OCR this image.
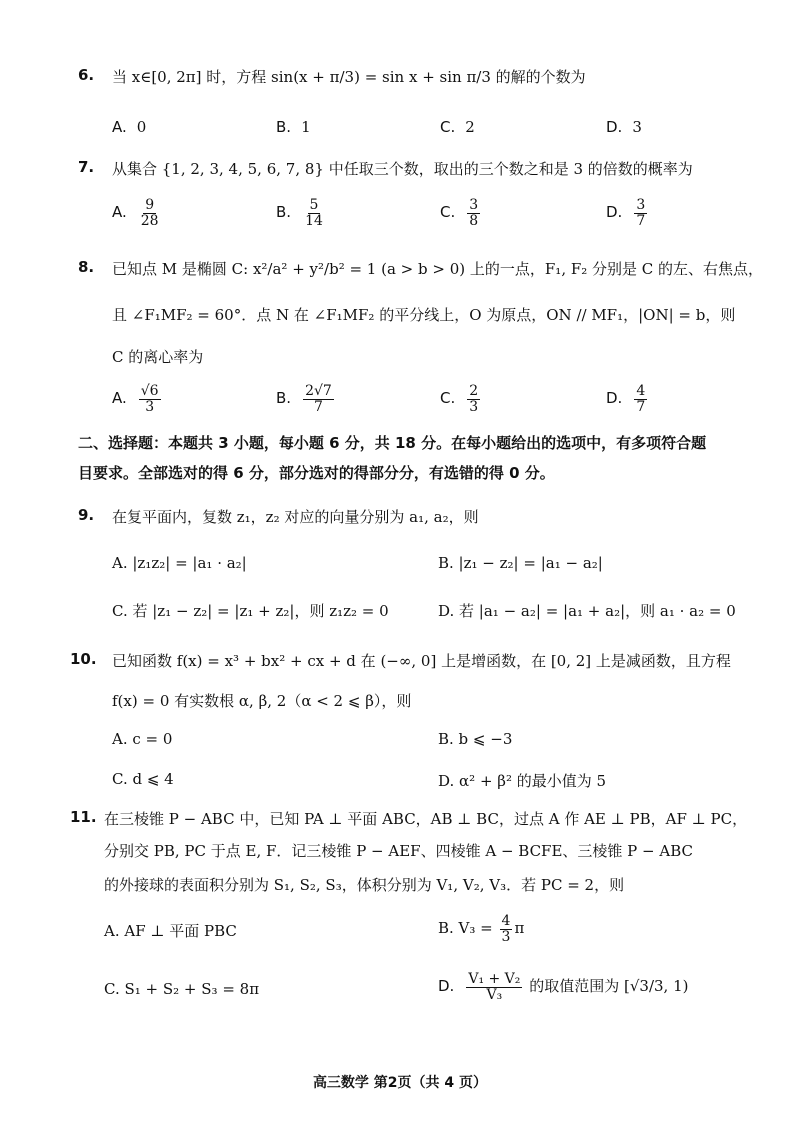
6. 当 x∈[0, 2π] 时，方程 sin(x + π/3) = sin x + sin π/3 的解的个数为
A. 0	B. 1	C. 2	D. 3
7. 从集合 {1, 2, 3, 4, 5, 6, 7, 8} 中任取三个数，取出的三个数之和是 3 的倍数的概率为
A. $\frac{9}{28}$	B. $\frac{5}{14}$	C. $\frac{3}{8}$	D. $\frac{3}{7}$
8. 已知点 M 是椭圆 C: x²/a² + y²/b² = 1 (a > b > 0) 上的一点，F₁, F₂ 分别是 C 的左、右焦点，
且 ∠F₁MF₂ = 60°．点 N 在 ∠F₁MF₂ 的平分线上，O 为原点，ON // MF₁，|ON| = b，则
C 的离心率为
A. $\frac{√6}{3}$	B. $\frac{2√7}{7}$	C. $\frac{2}{3}$	D. $\frac{4}{7}$
二、选择题：本题共 3 小题，每小题 6 分，共 18 分。在每小题给出的选项中，有多项符合题
目要求。全部选对的得 6 分，部分选对的得部分分，有选错的得 0 分。
9. 在复平面内，复数 z₁，z₂ 对应的向量分别为 a₁, a₂，则
A. |z₁z₂| = |a₁ · a₂|	B. |z₁ − z₂| = |a₁ − a₂|
C. 若 |z₁ − z₂| = |z₁ + z₂|，则 z₁z₂ = 0	D. 若 |a₁ − a₂| = |a₁ + a₂|，则 a₁ · a₂ = 0
10. 已知函数 f(x) = x³ + bx² + cx + d 在 (−∞, 0] 上是增函数，在 [0, 2] 上是减函数，且方程
f(x) = 0 有实数根 α, β, 2（α < 2 ⩽ β），则
A. c = 0	B. b ⩽ −3
C. d ⩽ 4	D. α² + β² 的最小值为 5
11. 在三棱锥 P − ABC 中，已知 PA ⊥ 平面 ABC，AB ⊥ BC，过点 A 作 AE ⊥ PB，AF ⊥ PC，
分别交 PB, PC 于点 E, F．记三棱锥 P − AEF、四棱锥 A − BCFE、三棱锥 P − ABC
的外接球的表面积分别为 S₁, S₂, S₃，体积分别为 V₁, V₂, V₃．若 PC = 2，则
A. AF ⊥ 平面 PBC	B. $V_3 = \frac{4}{3}$ π
C. S₁ + S₂ + S₃ = 8π	D. $\frac{\text{V₁ + V₂}}{\text{V₃}}$ 的取值范围为 [√3/3, 1)
高三数学 第2页（共 4 页）
